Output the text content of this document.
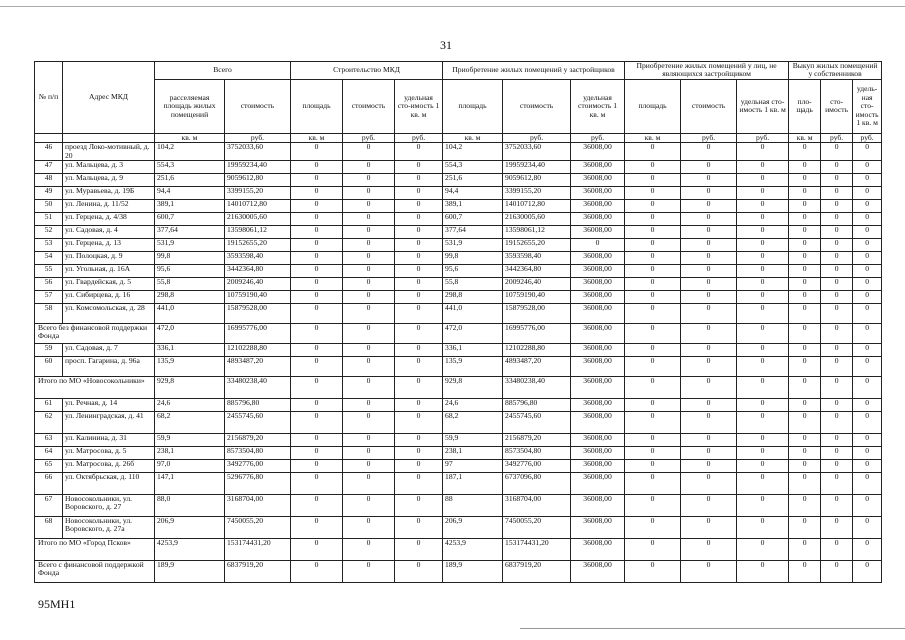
31
№ п/п	Адрес МКД	Всего		Строительство МКД			Приобретение жилых помещений у застройщиков			Приобретение жилых помещений у лиц, не являющихся застройщиком			Выкуп жилых помещений у собственников		
		расселяемая площадь жилых помещений	стоимость	площадь	стоимость	удельная сто-имость 1 кв. м	площадь	стоимость	удельная стоимость 1 кв. м	площадь	стоимость	удельная сто-имость 1 кв. м	пло-щадь	сто-имость	удель-ная сто-имость 1 кв. м
		кв. м	руб.	кв. м	руб.	руб.	кв. м	руб.	руб.	кв. м	руб.	руб.	кв. м	руб.	руб.
46	проезд Локо-мотивный, д. 20	104,2	3752033,60	0	0	0	104,2	3752033,60	36008,00	0	0	0	0	0	0
47	ул. Мальцева, д. 3	554,3	19959234,40	0	0	0	554,3	19959234,40	36008,00	0	0	0	0	0	0
48	ул. Мальцева, д. 9	251,6	9059612,80	0	0	0	251,6	9059612,80	36008,00	0	0	0	0	0	0
49	ул. Муравьева, д. 19Б	94,4	3399155,20	0	0	0	94,4	3399155,20	36008,00	0	0	0	0	0	0
50	ул. Ленина, д. 11/52	389,1	14010712,80	0	0	0	389,1	14010712,80	36008,00	0	0	0	0	0	0
51	ул. Герцена, д. 4/38	600,7	21630005,60	0	0	0	600,7	21630005,60	36008,00	0	0	0	0	0	0
52	ул. Садовая, д. 4	377,64	13598061,12	0	0	0	377,64	13598061,12	36008,00	0	0	0	0	0	0
53	ул. Герцена, д. 13	531,9	19152655,20	0	0	0	531,9	19152655,20	0	0	0	0	0	0	0
54	ул. Полоцкая, д. 9	99,8	3593598,40	0	0	0	99,8	3593598,40	36008,00	0	0	0	0	0	0
55	ул. Угольная, д. 16А	95,6	3442364,80	0	0	0	95,6	3442364,80	36008,00	0	0	0	0	0	0
56	ул. Гвардейская, д. 5	55,8	2009246,40	0	0	0	55,8	2009246,40	36008,00	0	0	0	0	0	0
57	ул. Сибирцева, д. 16	298,8	10759190,40	0	0	0	298,8	10759190,40	36008,00	0	0	0	0	0	0
58	ул. Комсомольская, д. 28	441,0	15879528,00	0	0	0	441,0	15879528,00	36008,00	0	0	0	0	0	0
Всего без финансовой поддержки Фонда		472,0	16995776,00	0	0	0	472,0	16995776,00	36008,00	0	0	0	0	0	0
59	ул. Садовая, д. 7	336,1	12102288,80	0	0	0	336,1	12102288,80	36008,00	0	0	0	0	0	0
60	просп. Гагарина, д. 96а	135,9	4893487,20	0	0	0	135,9	4893487,20	36008,00	0	0	0	0	0	0
Итого по МО «Новосокольники»		929,8	33480238,40	0	0	0	929,8	33480238,40	36008,00	0	0	0	0	0	0
61	ул. Речная, д. 14	24,6	885796,80	0	0	0	24,6	885796,80	36008,00	0	0	0	0	0	0
62	ул. Ленинградская, д. 41	68,2	2455745,60	0	0	0	68,2	2455745,60	36008,00	0	0	0	0	0	0
63	ул. Калинина, д. 31	59,9	2156879,20	0	0	0	59,9	2156879,20	36008,00	0	0	0	0	0	0
64	ул. Матросова, д. 5	238,1	8573504,80	0	0	0	238,1	8573504,80	36008,00	0	0	0	0	0	0
65	ул. Матросова, д. 26б	97,0	3492776,00	0	0	0	97	3492776,00	36008,00	0	0	0	0	0	0
66	ул. Октябрьская, д. 110	147,1	5296776,80	0	0	0	187,1	6737096,80	36008,00	0	0	0	0	0	0
67	Новосокольники, ул. Воровского, д. 27	88,0	3168704,00	0	0	0	88	3168704,00	36008,00	0	0	0	0	0	0
68	Новосокольники, ул. Воровского, д. 27а	206,9	7450055,20	0	0	0	206,9	7450055,20	36008,00	0	0	0	0	0	0
Итого по МО «Город Псков»		4253,9	153174431,20	0	0	0	4253,9	153174431,20	36008,00	0	0	0	0	0	0
Всего с финансовой поддержкой Фонда		189,9	6837919,20	0	0	0	189,9	6837919,20	36008,00	0	0	0	0	0	0
95МН1
